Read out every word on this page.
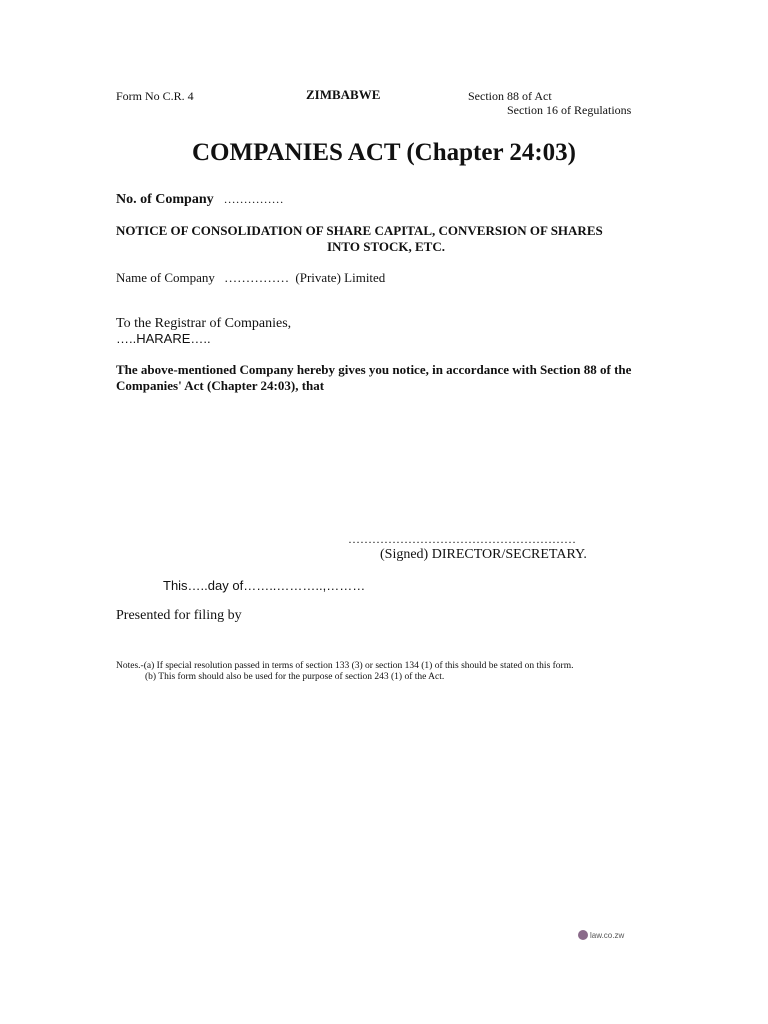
Form No C.R. 4	ZIMBABWE	Section 88 of Act
Section 16 of Regulations
COMPANIES ACT (Chapter 24:03)
No. of Company ……………
NOTICE OF CONSOLIDATION OF SHARE CAPITAL, CONVERSION OF SHARES
INTO STOCK, ETC.
Name of Company …………… (Private) Limited
To the Registrar of Companies,
…..HARARE…..
The above-mentioned Company hereby gives you notice, in accordance with Section 88 of the Companies' Act (Chapter 24:03), that
…………………………………………………
(Signed) DIRECTOR/SECRETARY.
This…..day of……..………..,………
Presented for filing by
Notes.-(a) If special resolution passed in terms of section 133 (3) or section 134 (1) of this should be stated on this form.
(b) This form should also be used for the purpose of section 243 (1) of the Act.
law.co.zw
